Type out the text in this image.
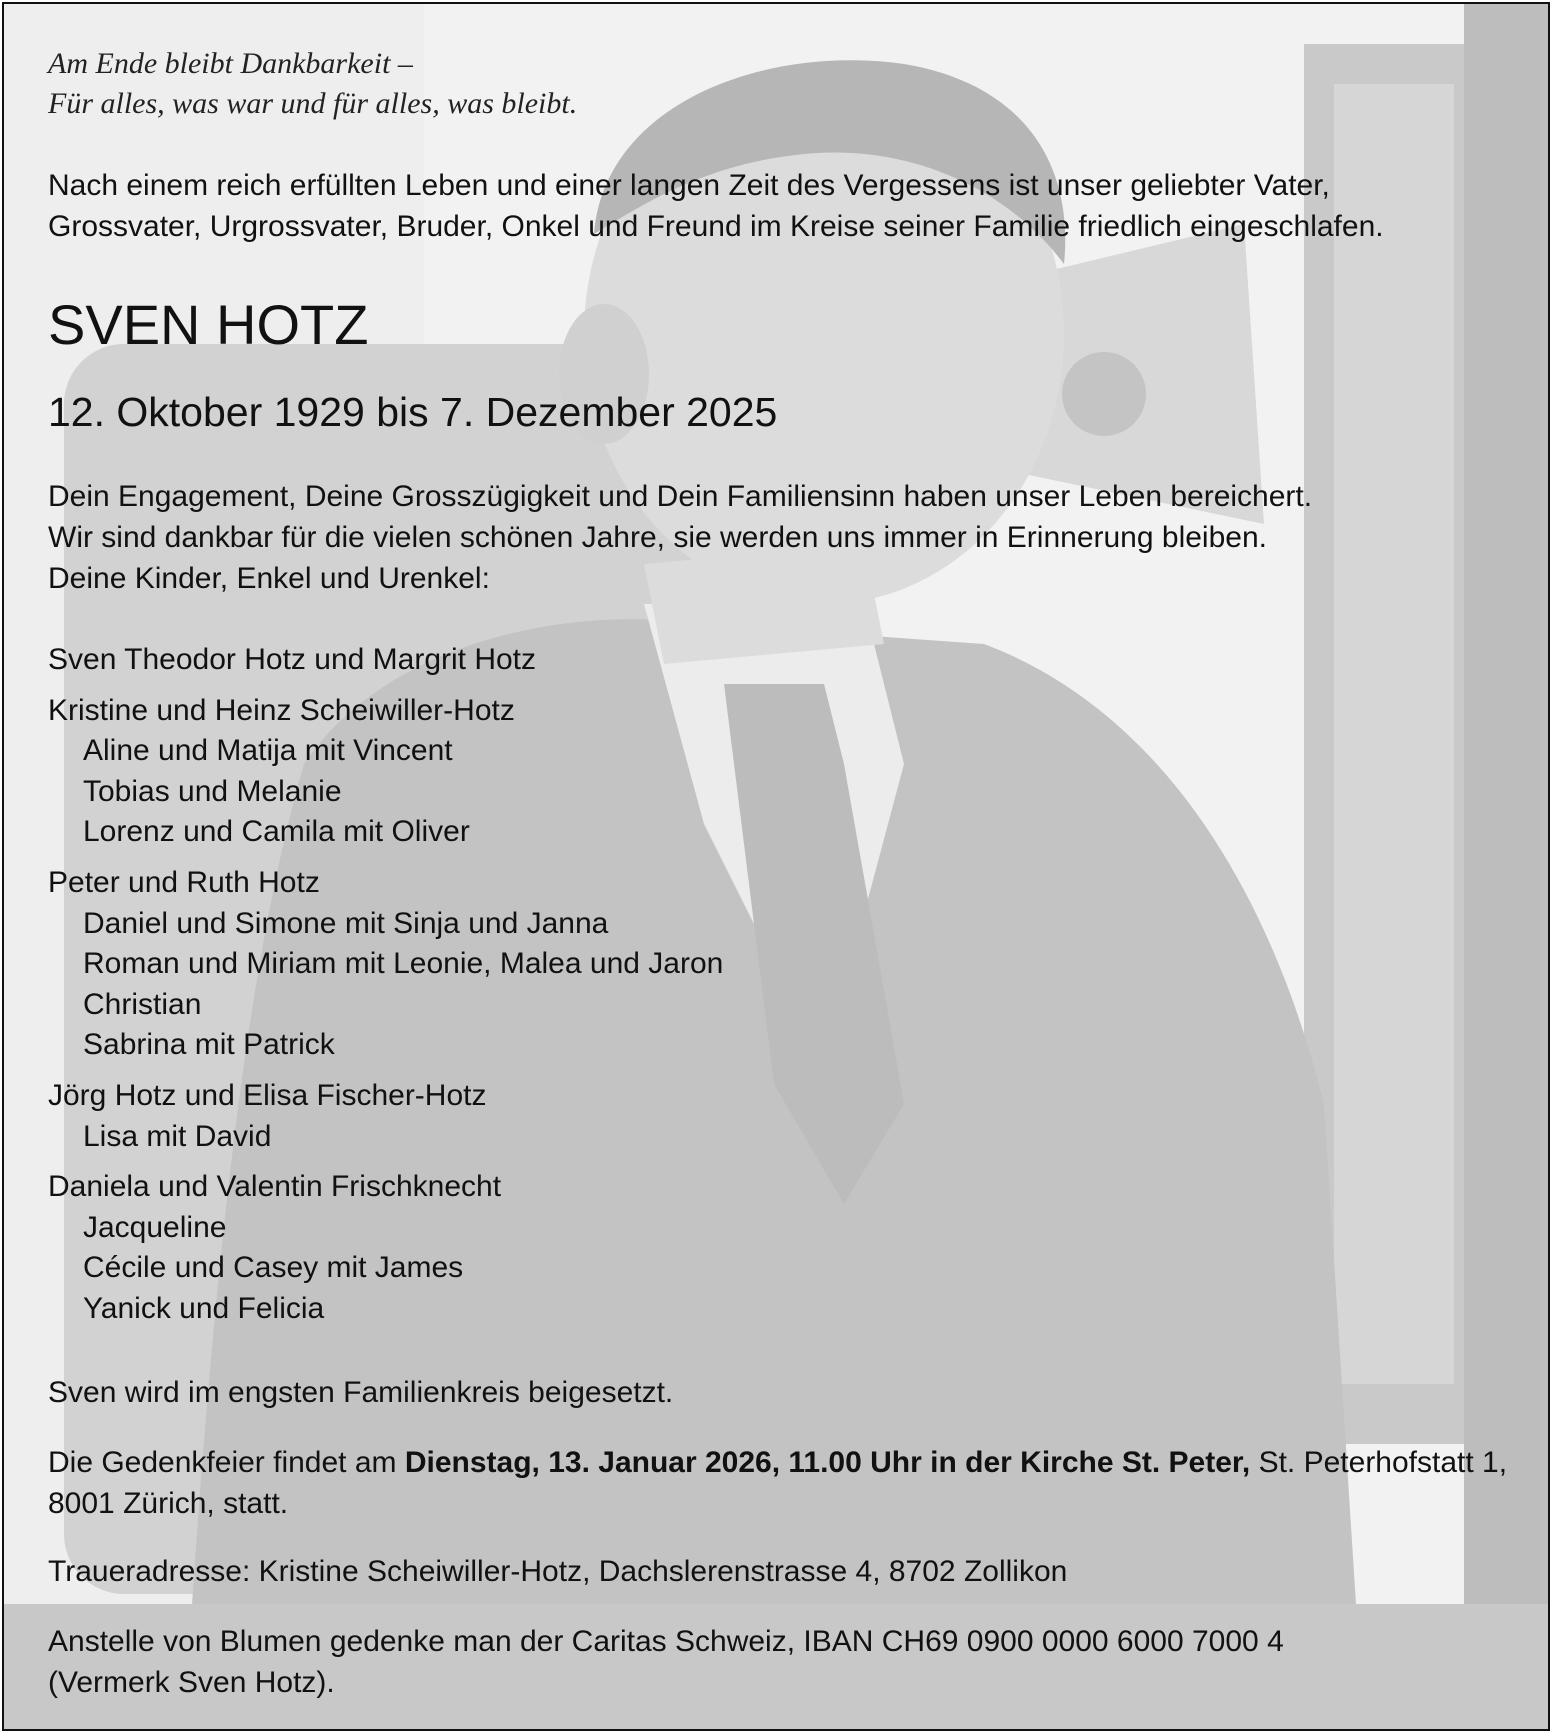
Am Ende bleibt Dankbarkeit –
Für alles, was war und für alles, was bleibt.
Nach einem reich erfüllten Leben und einer langen Zeit des Vergessens ist unser geliebter Vater,
Grossvater, Urgrossvater, Bruder, Onkel und Freund im Kreise seiner Familie friedlich eingeschlafen.
SVEN HOTZ
12. Oktober 1929 bis 7. Dezember 2025
Dein Engagement, Deine Grosszügigkeit und Dein Familiensinn haben unser Leben bereichert.
Wir sind dankbar für die vielen schönen Jahre, sie werden uns immer in Erinnerung bleiben.
Deine Kinder, Enkel und Urenkel:
Sven Theodor Hotz und Margrit Hotz
Kristine und Heinz Scheiwiller-Hotz
Aline und Matija mit Vincent
Tobias und Melanie
Lorenz und Camila mit Oliver
Peter und Ruth Hotz
Daniel und Simone mit Sinja und Janna
Roman und Miriam mit Leonie, Malea und Jaron
Christian
Sabrina mit Patrick
Jörg Hotz und Elisa Fischer-Hotz
Lisa mit David
Daniela und Valentin Frischknecht
Jacqueline
Cécile und Casey mit James
Yanick und Felicia
Sven wird im engsten Familienkreis beigesetzt.
Die Gedenkfeier findet am Dienstag, 13. Januar 2026, 11.00 Uhr in der Kirche St. Peter, St. Peterhofstatt 1,
8001 Zürich, statt.
Traueradresse: Kristine Scheiwiller-Hotz, Dachslerenstrasse 4, 8702 Zollikon
Anstelle von Blumen gedenke man der Caritas Schweiz, IBAN CH69 0900 0000 6000 7000 4
(Vermerk Sven Hotz).
